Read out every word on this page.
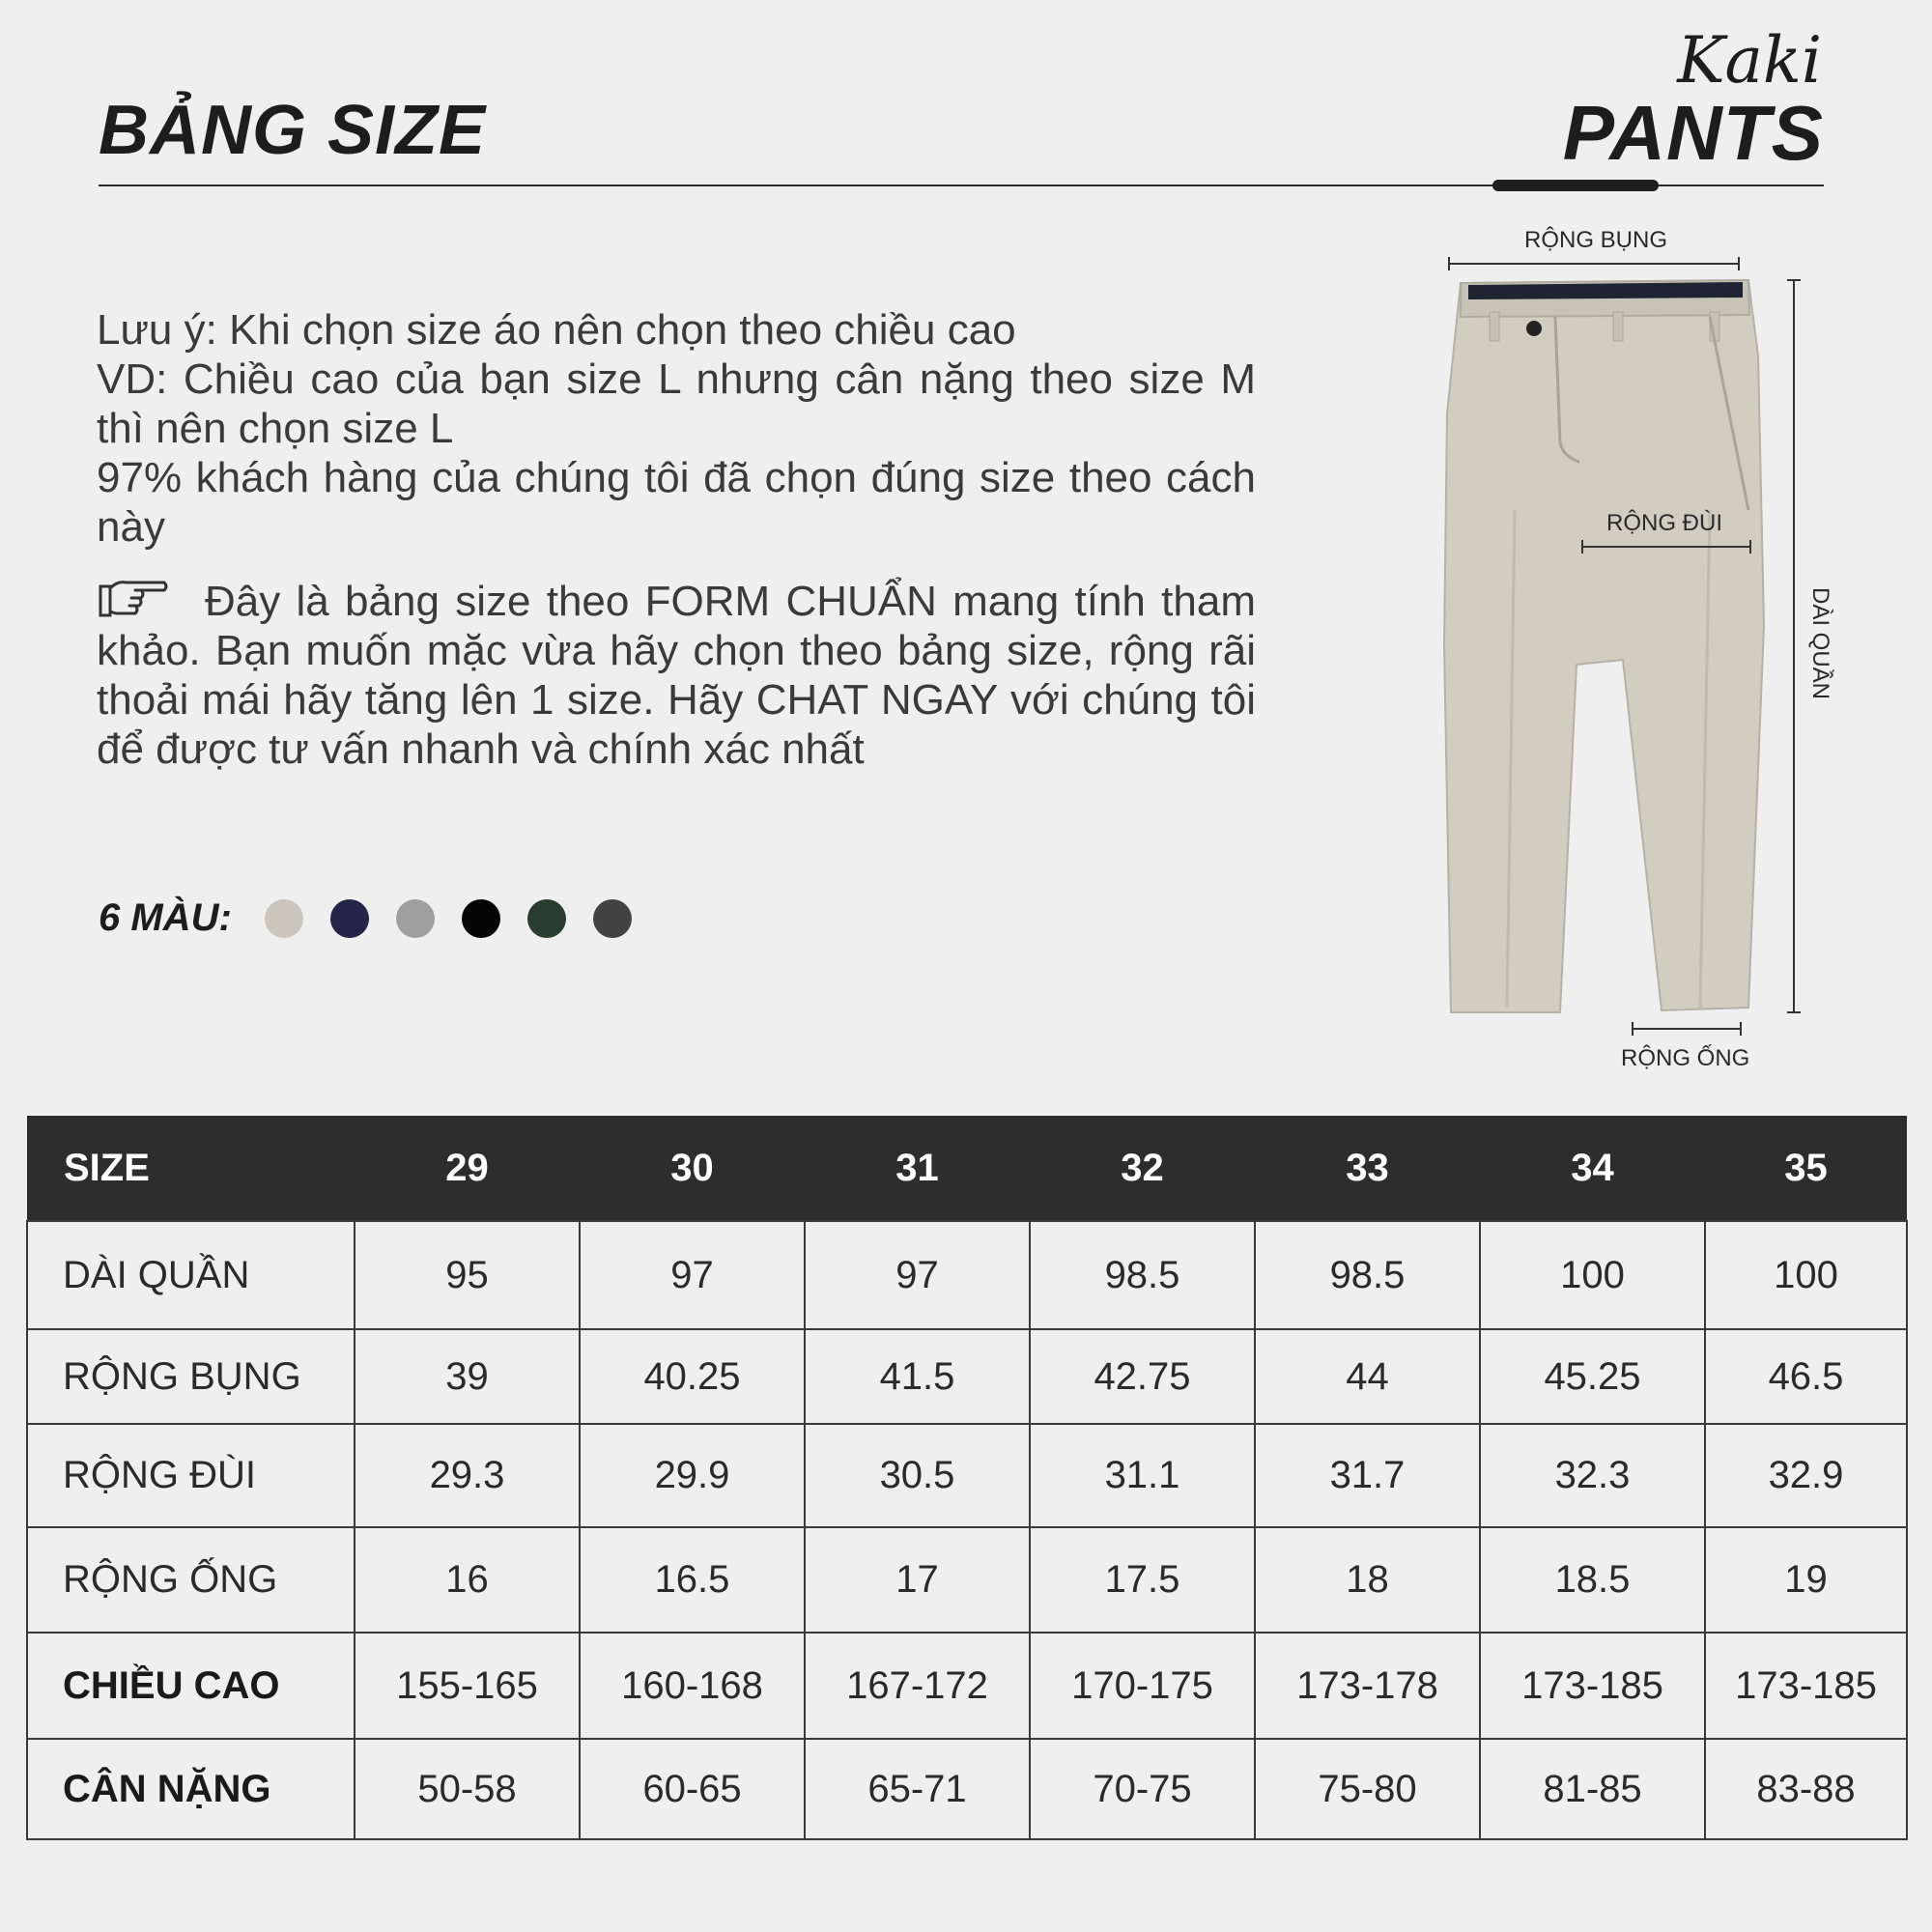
BẢNG SIZE
Kaki
PANTS

Lưu ý: Khi chọn size áo nên chọn theo chiều cao

VD: Chiều cao của bạn size L nhưng cân nặng theo size M thì nên chọn size L

97% khách hàng của chúng tôi đã chọn đúng size theo cách này

Đây là bảng size theo FORM CHUẨN mang tính tham khảo. Bạn muốn mặc vừa hãy chọn theo bảng size, rộng rãi thoải mái hãy tăng lên 1 size. Hãy CHAT NGAY với chúng tôi để được tư vấn nhanh và chính xác nhất

6 MÀU:
RỘNG BỤNG
RỘNG ĐÙI
DÀI QUẦN
RỘNG ỐNG
SIZE	29	30	31	32	33	34	35
DÀI QUẦN	95	97	97	98.5	98.5	100	100
RỘNG BỤNG	39	40.25	41.5	42.75	44	45.25	46.5
RỘNG ĐÙI	29.3	29.9	30.5	31.1	31.7	32.3	32.9
RỘNG ỐNG	16	16.5	17	17.5	18	18.5	19
CHIỀU CAO	155-165	160-168	167-172	170-175	173-178	173-185	173-185
CÂN NẶNG	50-58	60-65	65-71	70-75	75-80	81-85	83-88
